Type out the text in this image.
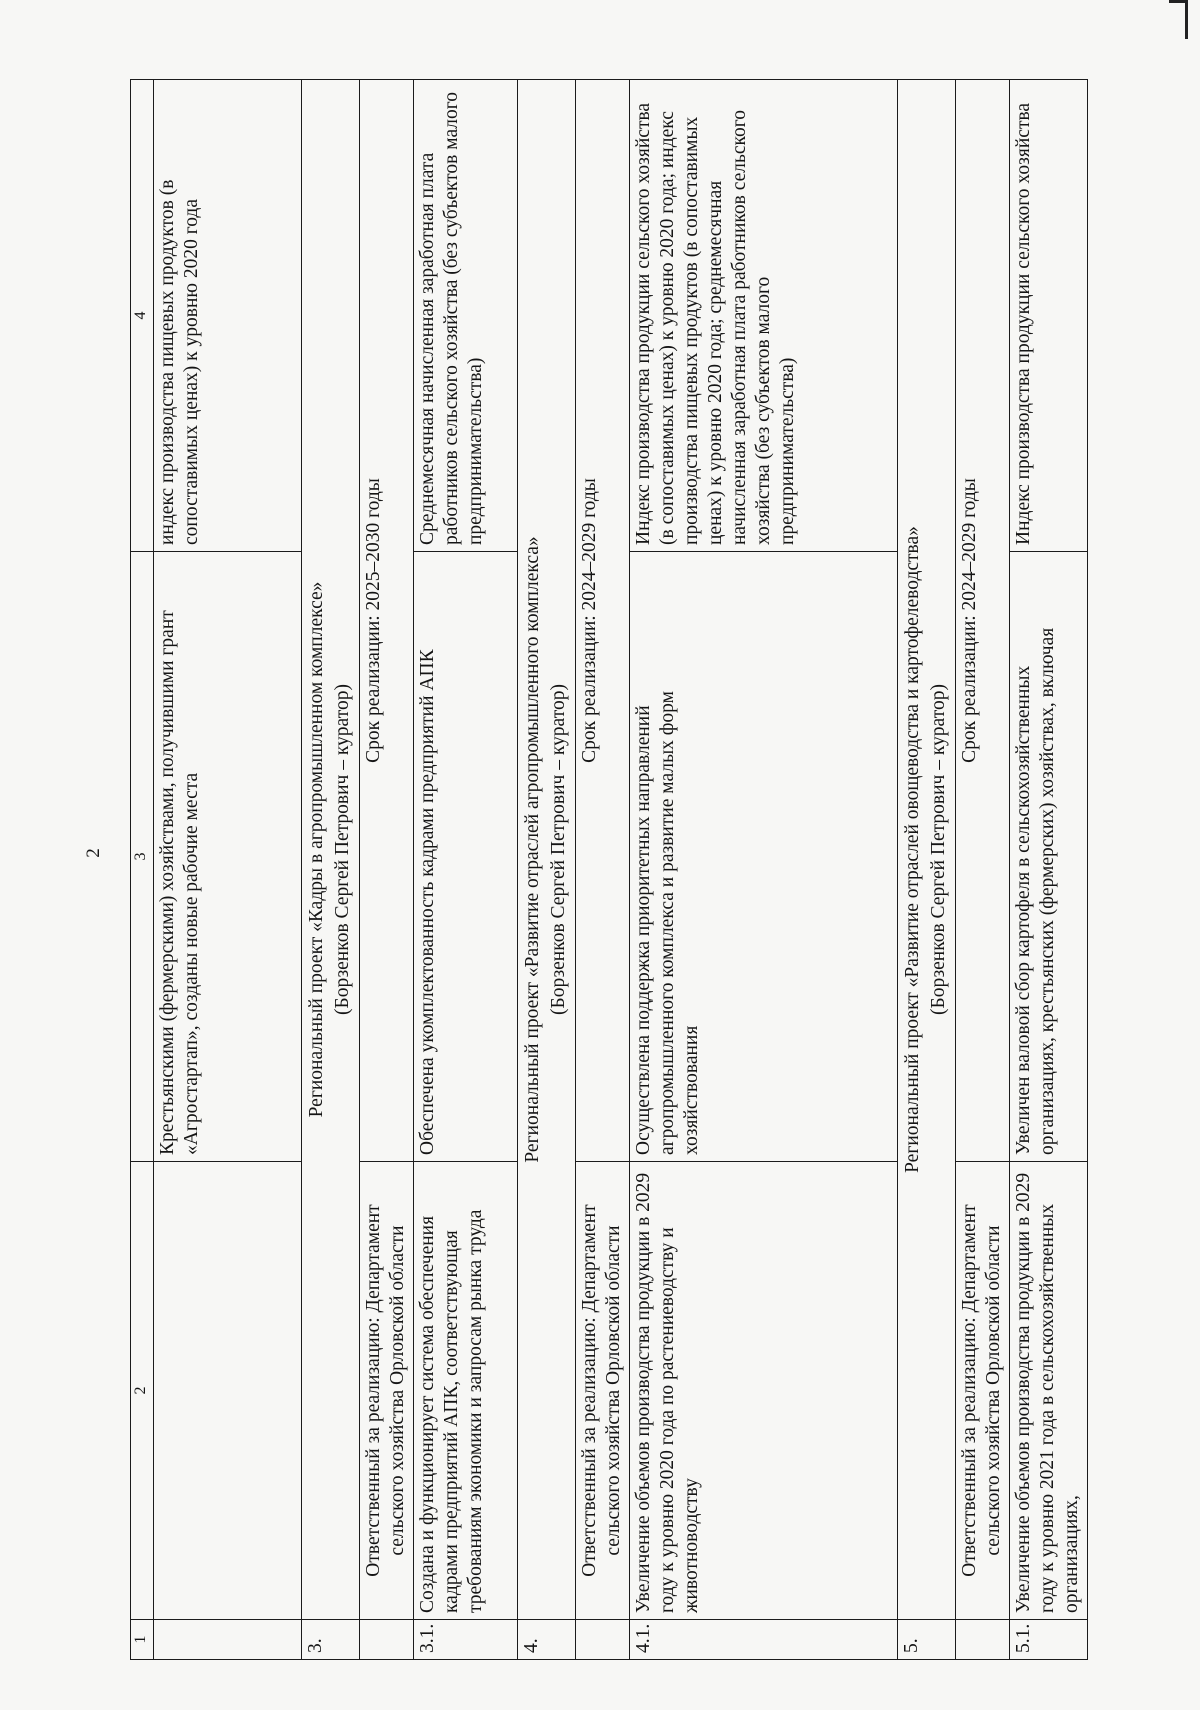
2
1	2	3	4
		Крестьянскими (фермерскими) хозяйствами, получившими грант «Агростартап», созданы новые рабочие места	индекс производства пищевых продуктов (в сопоставимых ценах) к уровню 2020 года
3.	Региональный проект «Кадры в агропромышленном комплексе» (Борзенков Сергей Петрович – куратор)		

	Ответственный за реализацию: Департамент сельского хозяйства Орловской области	Срок реализации: 2025–2030 годы	
3.1.	Создана и функционирует система обеспечения кадрами предприятий АПК, соответствующая требованиям экономики и запросам рынка труда	Обеспечена укомплектованность кадрами предприятий АПК	Среднемесячная начисленная заработная плата работников сельского хозяйства (без субъектов малого предпринимательства)
4.	Региональный проект «Развитие отраслей агропромышленного комплекса» (Борзенков Сергей Петрович – куратор)		

	Ответственный за реализацию: Департамент сельского хозяйства Орловской области	Срок реализации: 2024–2029 годы	
4.1.	Увеличение объемов производства продукции в 2029 году к уровню 2020 года по растениеводству и животноводству	Осуществлена поддержка приоритетных направлений агропромышленного комплекса и развитие малых форм хозяйствования	Индекс производства продукции сельского хозяйства (в сопоставимых ценах) к уровню 2020 года; индекс производства пищевых продуктов (в сопоставимых ценах) к уровню 2020 года; среднемесячная начисленная заработная плата работников сельского хозяйства (без субъектов малого предпринимательства)
5.	Региональный проект «Развитие отраслей овощеводства и картофелеводства» (Борзенков Сергей Петрович – куратор)		

	Ответственный за реализацию: Департамент сельского хозяйства Орловской области	Срок реализации: 2024–2029 годы	
5.1.	Увеличение объемов производства продукции в 2029 году к уровню 2021 года в сельскохозяйственных организациях,	Увеличен валовой сбор картофеля в сельскохозяйственных организациях, крестьянских (фермерских) хозяйствах, включая	Индекс производства продукции сельского хозяйства
